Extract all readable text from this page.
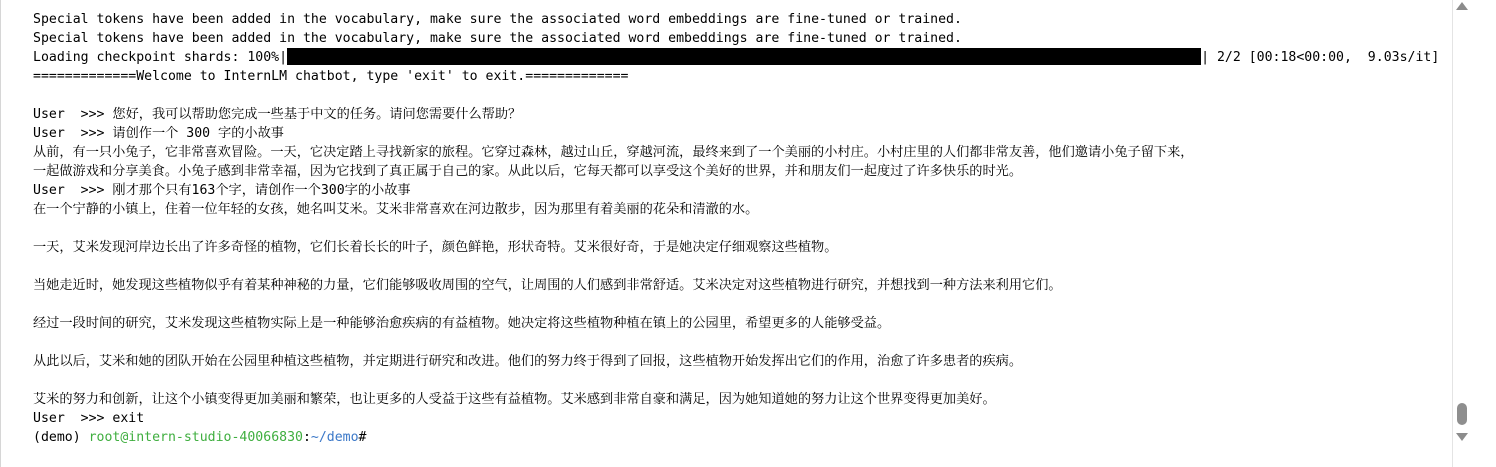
Special tokens have been added in the vocabulary, make sure the associated word embeddings are fine-tuned or trained.
Special tokens have been added in the vocabulary, make sure the associated word embeddings are fine-tuned or trained.
Loading checkpoint shards: 100%|	| 2/2 [00:18<00:00,  9.03s/it]
=============Welcome to InternLM chatbot, type 'exit' to exit.=============
User  >>> 您好，我可以帮助您完成一些基于中文的任务。请问您需要什么帮助？
User  >>> 请创作一个 300 字的小故事
从前，有一只小兔子，它非常喜欢冒险。一天，它决定踏上寻找新家的旅程。它穿过森林，越过山丘，穿越河流，最终来到了一个美丽的小村庄。小村庄里的人们都非常友善，他们邀请小兔子留下来，
一起做游戏和分享美食。小兔子感到非常幸福，因为它找到了真正属于自己的家。从此以后，它每天都可以享受这个美好的世界，并和朋友们一起度过了许多快乐的时光。
User  >>> 刚才那个只有163个字，请创作一个300字的小故事
在一个宁静的小镇上，住着一位年轻的女孩，她名叫艾米。艾米非常喜欢在河边散步，因为那里有着美丽的花朵和清澈的水。
一天，艾米发现河岸边长出了许多奇怪的植物，它们长着长长的叶子，颜色鲜艳，形状奇特。艾米很好奇，于是她决定仔细观察这些植物。
当她走近时，她发现这些植物似乎有着某种神秘的力量，它们能够吸收周围的空气，让周围的人们感到非常舒适。艾米决定对这些植物进行研究，并想找到一种方法来利用它们。
经过一段时间的研究，艾米发现这些植物实际上是一种能够治愈疾病的有益植物。她决定将这些植物种植在镇上的公园里，希望更多的人能够受益。
从此以后，艾米和她的团队开始在公园里种植这些植物，并定期进行研究和改进。他们的努力终于得到了回报，这些植物开始发挥出它们的作用，治愈了许多患者的疾病。
艾米的努力和创新，让这个小镇变得更加美丽和繁荣，也让更多的人受益于这些有益植物。艾米感到非常自豪和满足，因为她知道她的努力让这个世界变得更加美好。
User  >>> exit
(demo) root@intern-studio-40066830:~/demo#
